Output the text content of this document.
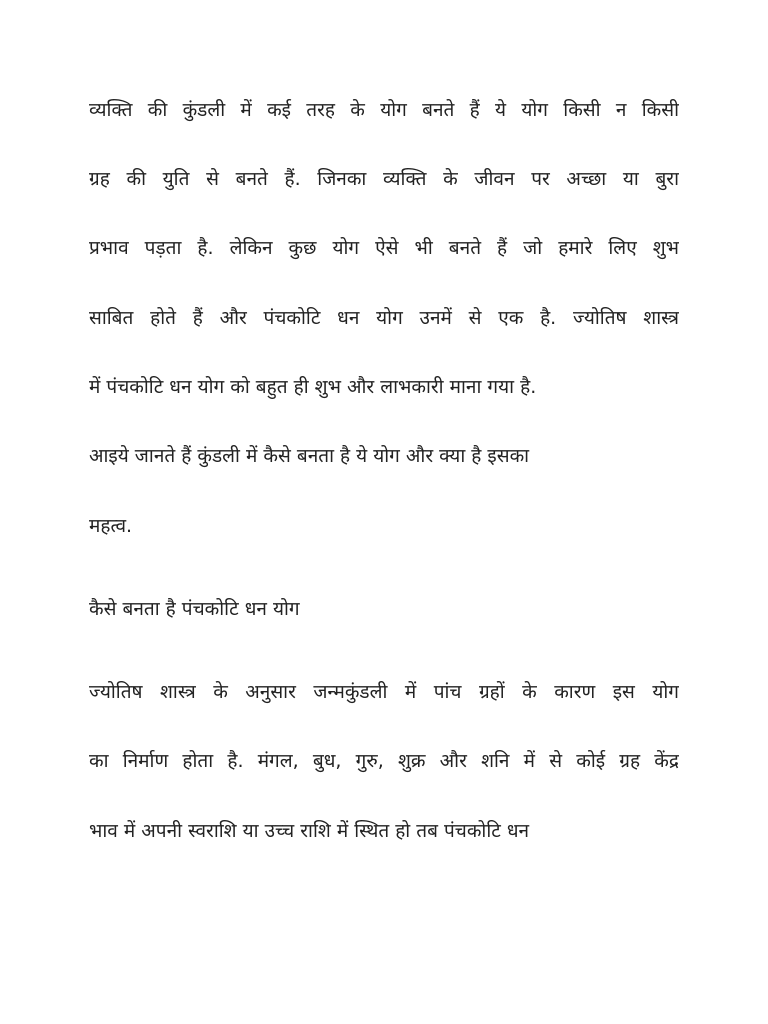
व्यक्ति की कुंडली में कई तरह के योग बनते हैं ये योग किसी न किसी
ग्रह की युति से बनते हैं. जिनका व्यक्ति के जीवन पर अच्छा या बुरा
प्रभाव पड़ता है. लेकिन कुछ योग ऐसे भी बनते हैं जो हमारे लिए शुभ
साबित होते हैं और पंचकोटि धन योग उनमें से एक है. ज्योतिष शास्त्र
में पंचकोटि धन योग को बहुत ही शुभ और लाभकारी माना गया है.
आइये जानते हैं कुंडली में कैसे बनता है ये योग और क्या है इसका
महत्व.
कैसे बनता है पंचकोटि धन योग
ज्योतिष शास्त्र के अनुसार जन्मकुंडली में पांच ग्रहों के कारण इस योग
का निर्माण होता है. मंगल, बुध, गुरु, शुक्र और शनि में से कोई ग्रह केंद्र
भाव में अपनी स्वराशि या उच्च राशि में स्थित हो तब पंचकोटि धन
